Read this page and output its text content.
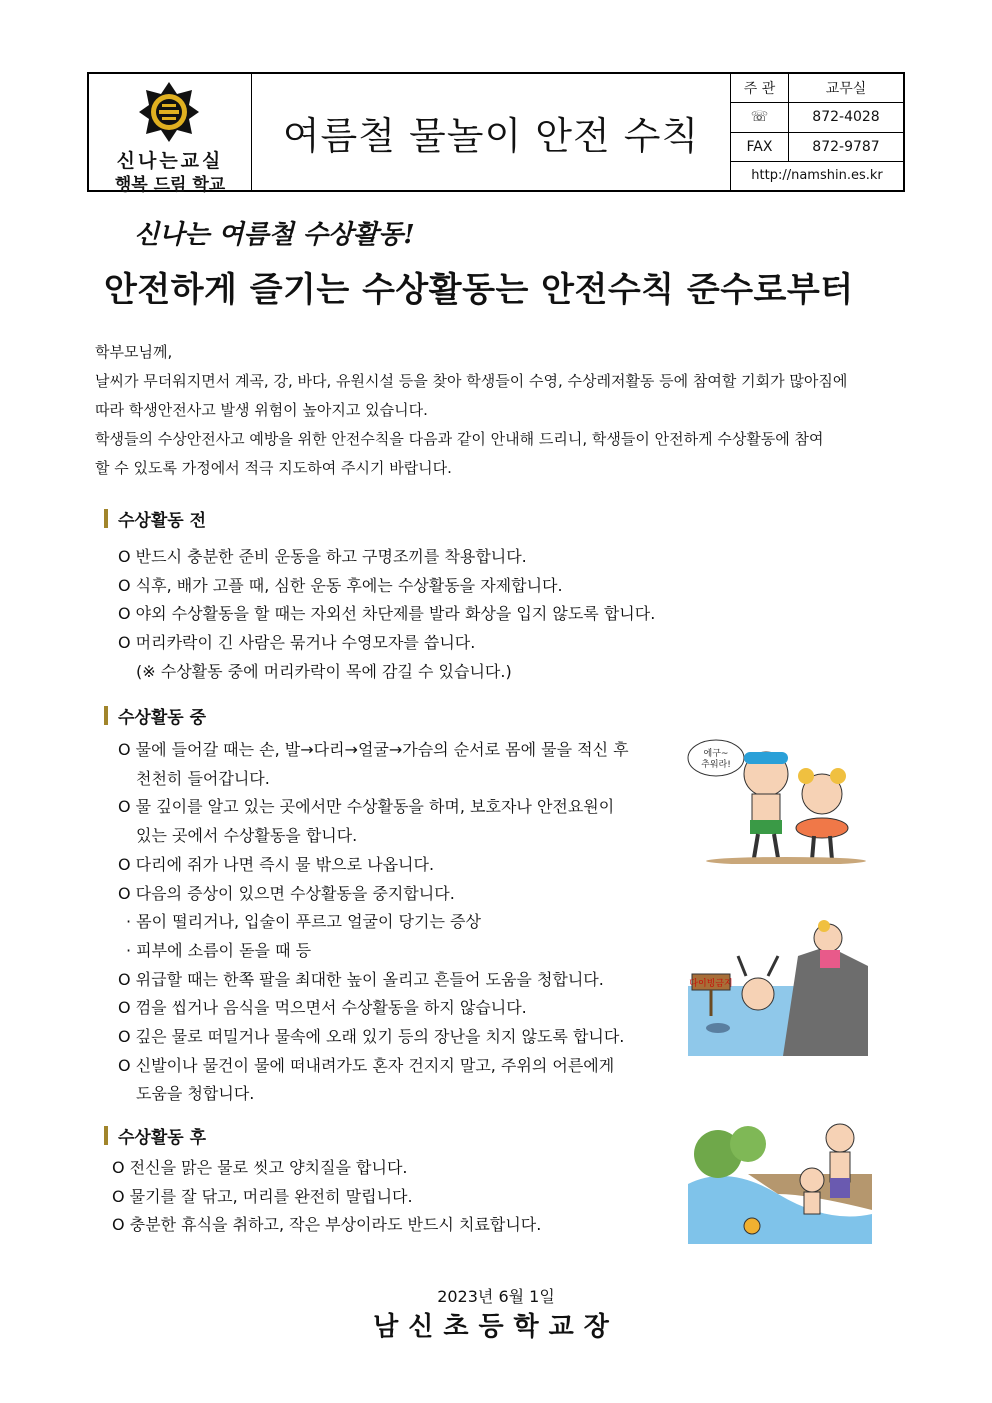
신나는교실
행복 드림 학교
여름철 물놀이 안전 수칙
주 관	교무실
☏	872-4028
FAX	872-9787
http://namshin.es.kr
신나는 여름철 수상활동!
안전하게 즐기는 수상활동는 안전수칙 준수로부터
학부모님께,
날씨가 무더워지면서 계곡, 강, 바다, 유원시설 등을 찾아 학생들이 수영, 수상레저활동 등에 참여할 기회가 많아짐에
따라 학생안전사고 발생 위험이 높아지고 있습니다.
학생들의 수상안전사고 예방을 위한 안전수칙을 다음과 같이 안내해 드리니, 학생들이 안전하게 수상활동에 참여
할 수 있도록 가정에서 적극 지도하여 주시기 바랍니다.
수상활동 전
O 반드시 충분한 준비 운동을 하고 구명조끼를 착용합니다.
O 식후, 배가 고플 때, 심한 운동 후에는 수상활동을 자제합니다.
O 야외 수상활동을 할 때는 자외선 차단제를 발라 화상을 입지 않도록 합니다.
O 머리카락이 긴 사람은 묶거나 수영모자를 씁니다.
(※ 수상활동 중에 머리카락이 목에 감길 수 있습니다.)
수상활동 중
O 물에 들어갈 때는 손, 발→다리→얼굴→가슴의 순서로 몸에 물을 적신 후
천천히 들어갑니다.
O 물 깊이를 알고 있는 곳에서만 수상활동을 하며, 보호자나 안전요원이
있는 곳에서 수상활동을 합니다.
O 다리에 쥐가 나면 즉시 물 밖으로 나옵니다.
O 다음의 증상이 있으면 수상활동을 중지합니다.
· 몸이 떨리거나, 입술이 푸르고 얼굴이 당기는 증상
· 피부에 소름이 돋을 때 등
O 위급할 때는 한쪽 팔을 최대한 높이 올리고 흔들어 도움을 청합니다.
O 껌을 씹거나 음식을 먹으면서 수상활동을 하지 않습니다.
O 깊은 물로 떠밀거나 물속에 오래 있기 등의 장난을 치지 않도록 합니다.
O 신발이나 물건이 물에 떠내려가도 혼자 건지지 말고, 주위의 어른에게
도움을 청합니다.
수상활동 후
O 전신을 맑은 물로 씻고 양치질을 합니다.
O 물기를 잘 닦고, 머리를 완전히 말립니다.
O 충분한 휴식을 취하고, 작은 부상이라도 반드시 치료합니다.
에구~
추워라!
다이빙금지
2023년 6월 1일
남신초등학교장
